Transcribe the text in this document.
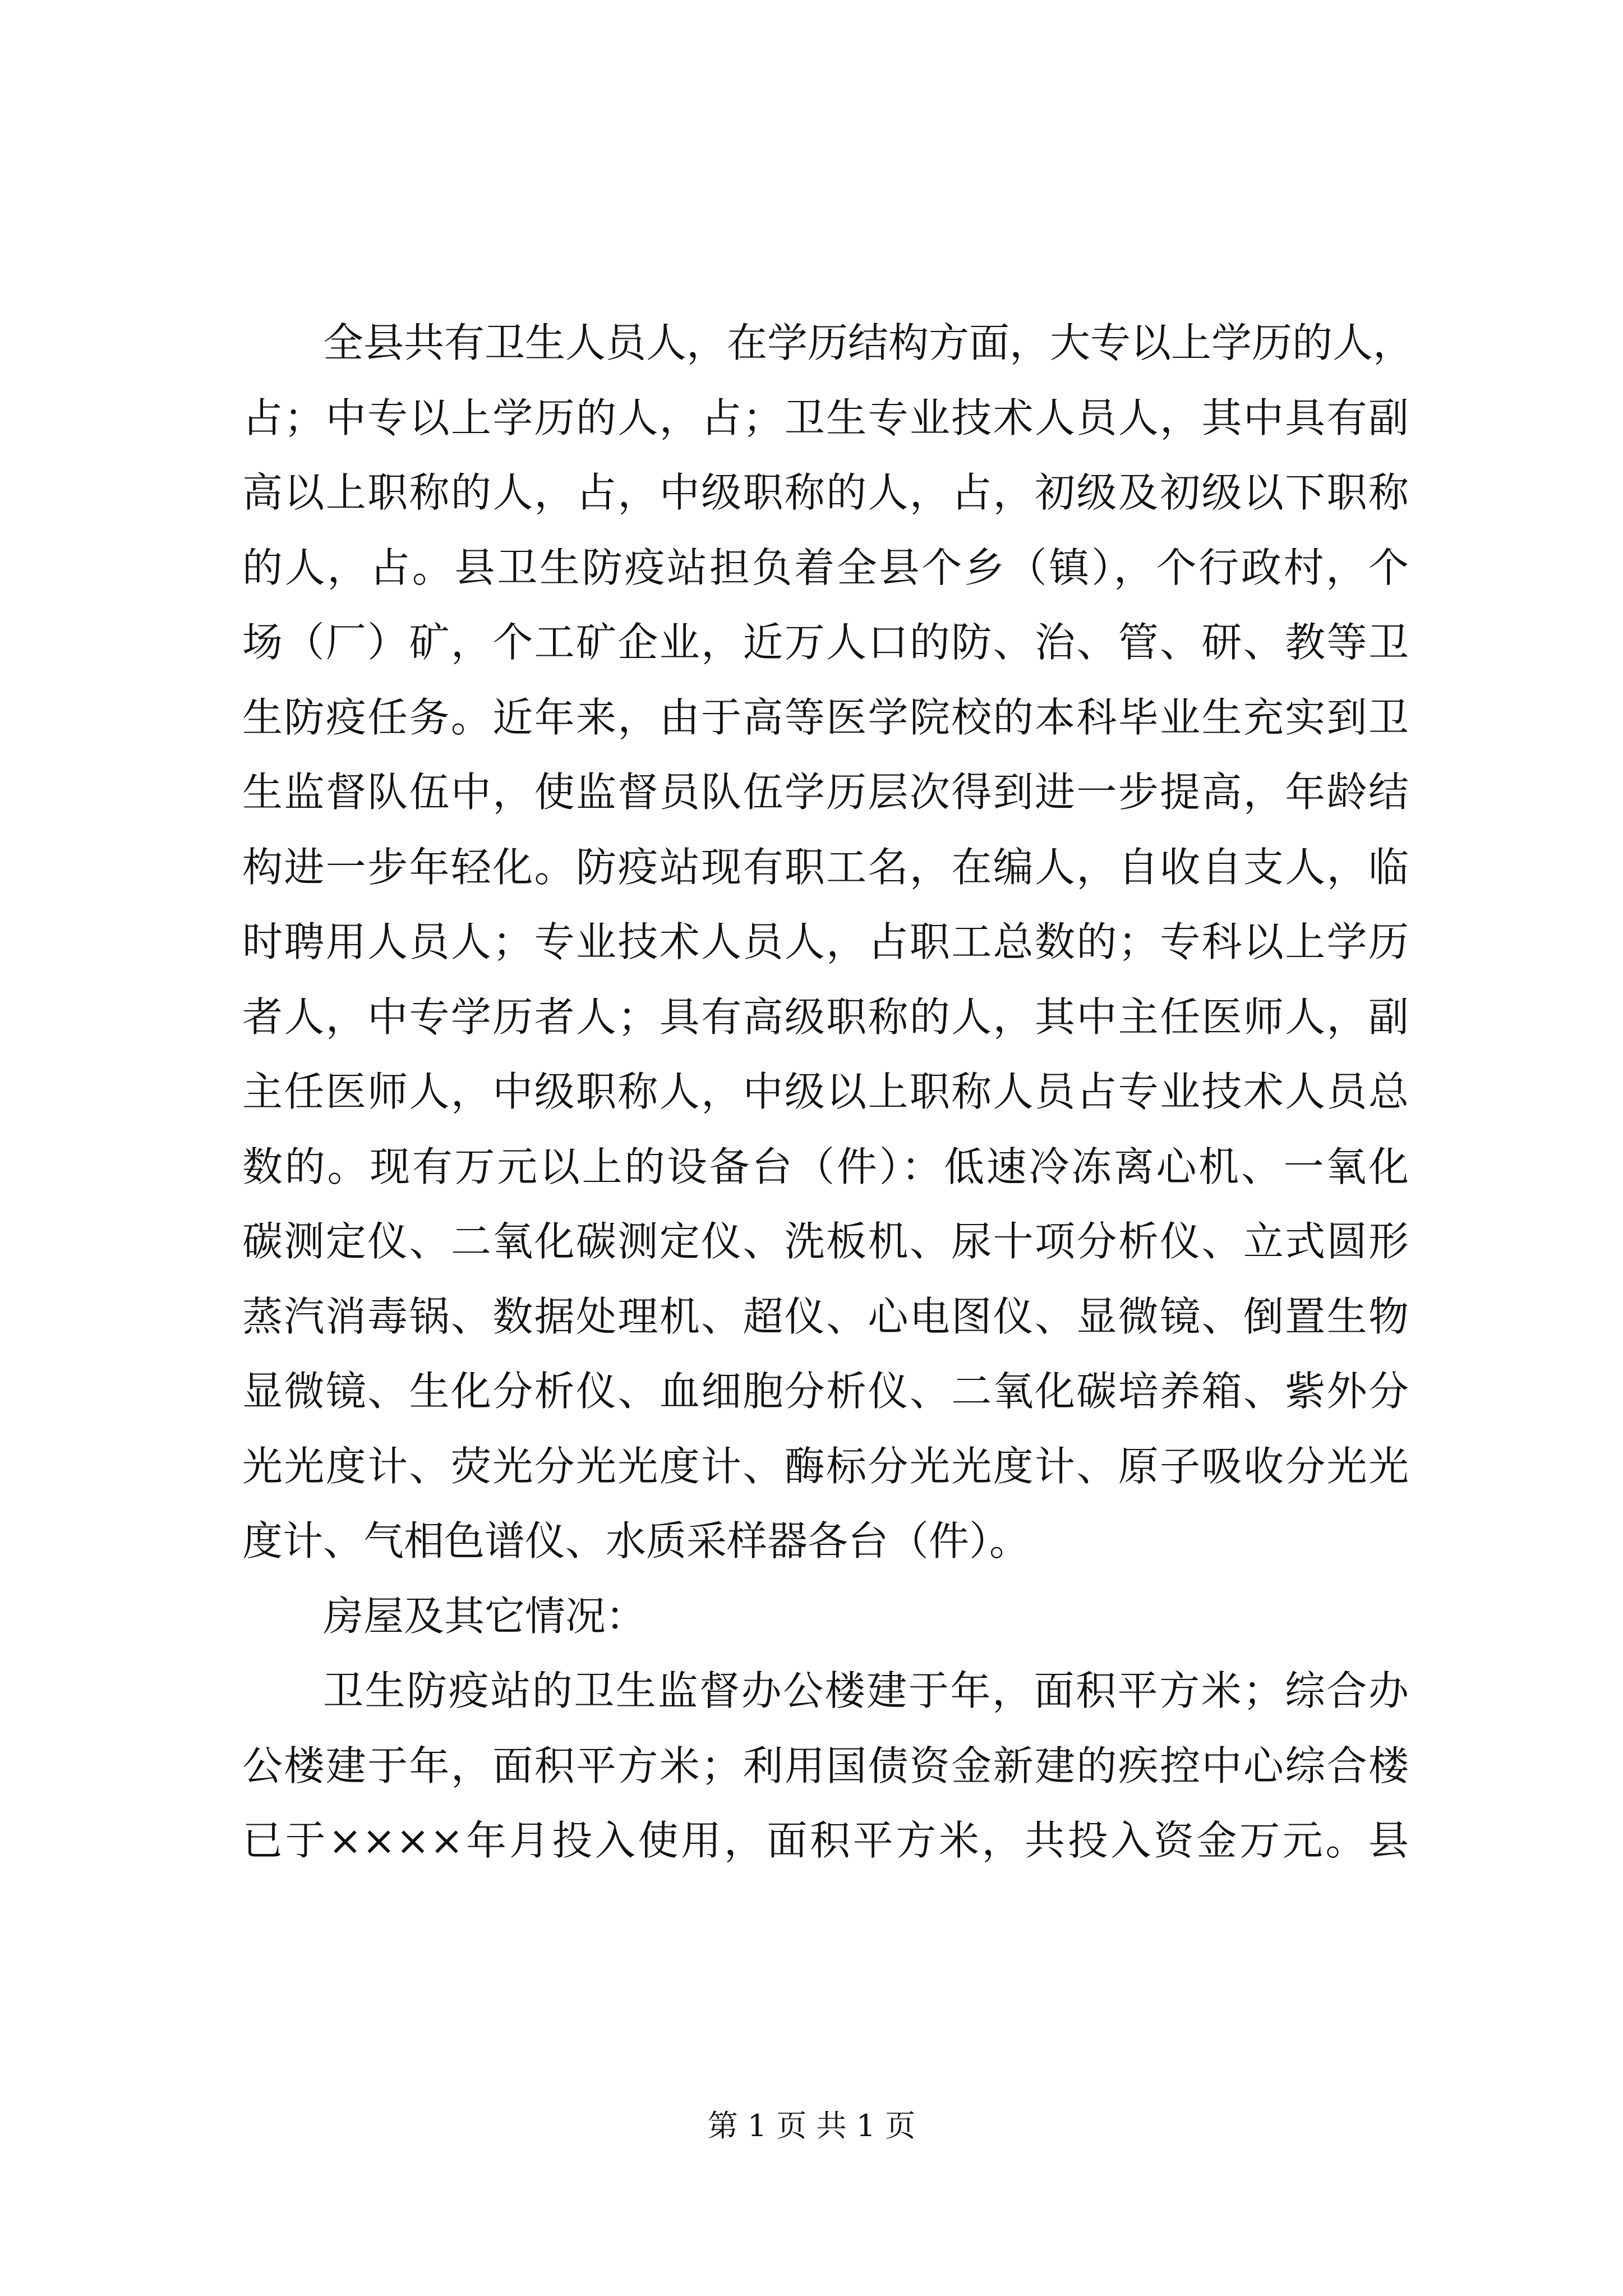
全县共有卫生人员人，在学历结构方面，大专以上学历的人，
占；中专以上学历的人，占；卫生专业技术人员人，其中具有副
高以上职称的人，占，中级职称的人，占，初级及初级以下职称
的人，占。县卫生防疫站担负着全县个乡（镇），个行政村，个
场（厂）矿，个工矿企业，近万人口的防、治、管、研、教等卫
生防疫任务。近年来，由于高等医学院校的本科毕业生充实到卫
生监督队伍中，使监督员队伍学历层次得到进一步提高，年龄结
构进一步年轻化。防疫站现有职工名，在编人，自收自支人，临
时聘用人员人；专业技术人员人，占职工总数的；专科以上学历
者人，中专学历者人；具有高级职称的人，其中主任医师人，副
主任医师人，中级职称人，中级以上职称人员占专业技术人员总
数的。现有万元以上的设备台（件）：低速冷冻离心机、一氧化
碳测定仪、二氧化碳测定仪、洗板机、尿十项分析仪、立式圆形
蒸汽消毒锅、数据处理机、超仪、心电图仪、显微镜、倒置生物
显微镜、生化分析仪、血细胞分析仪、二氧化碳培养箱、紫外分
光光度计、荧光分光光度计、酶标分光光度计、原子吸收分光光
度计、气相色谱仪、水质采样器各台（件）。
房屋及其它情况：
卫生防疫站的卫生监督办公楼建于年，面积平方米；综合办
公楼建于年，面积平方米；利用国债资金新建的疾控中心综合楼
已于××××年月投入使用，面积平方米，共投入资金万元。县
第 1 页 共 1 页
